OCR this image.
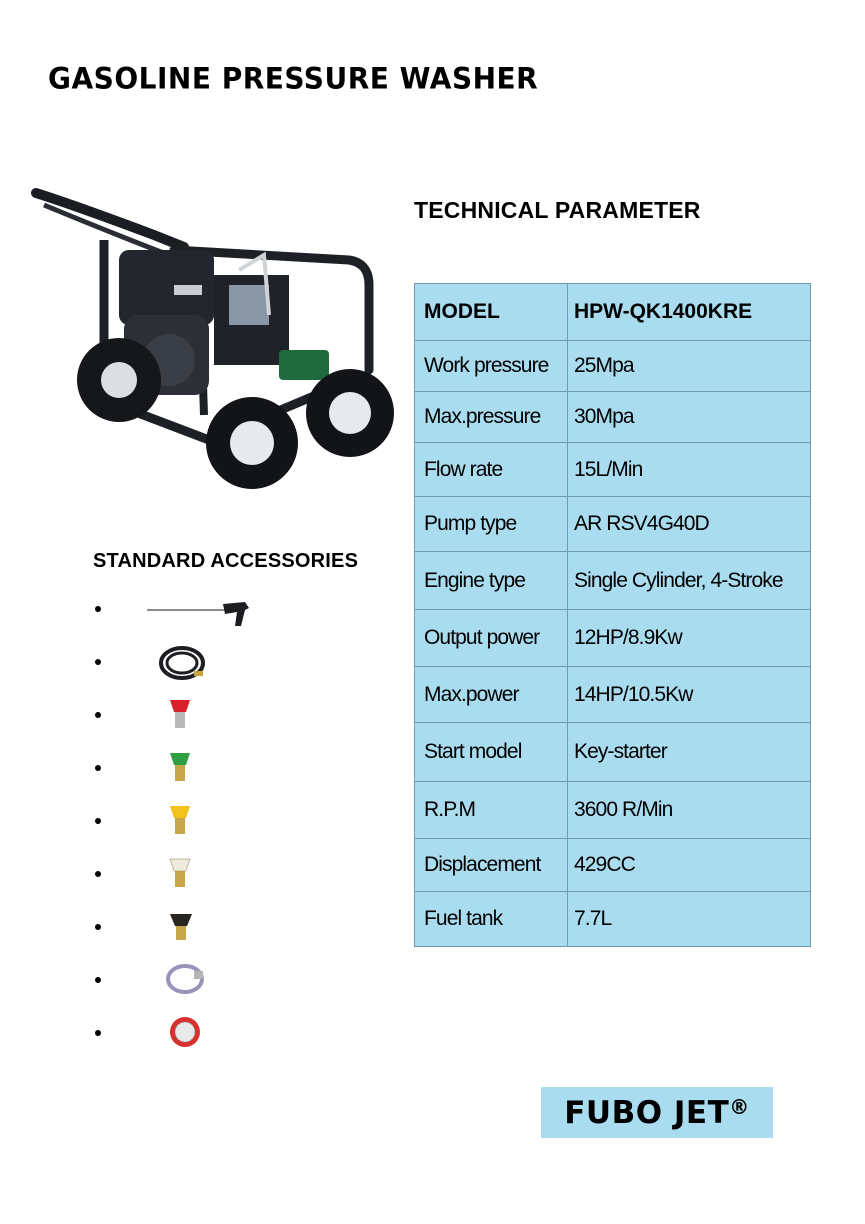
GASOLINE PRESSURE WASHER
STANDARD ACCESSORIES
TECHNICAL PARAMETER
MODEL	HPW-QK1400KRE
Work pressure	25Mpa
Max.pressure	30Mpa
Flow rate	15L/Min
Pump type	AR RSV4G40D
Engine type	Single Cylinder, 4-Stroke
Output power	12HP/8.9Kw
Max.power	14HP/10.5Kw
Start model	Key-starter
R.P.M	3600 R/Min
Displacement	429CC
Fuel tank	7.7L
FUBO JET®
